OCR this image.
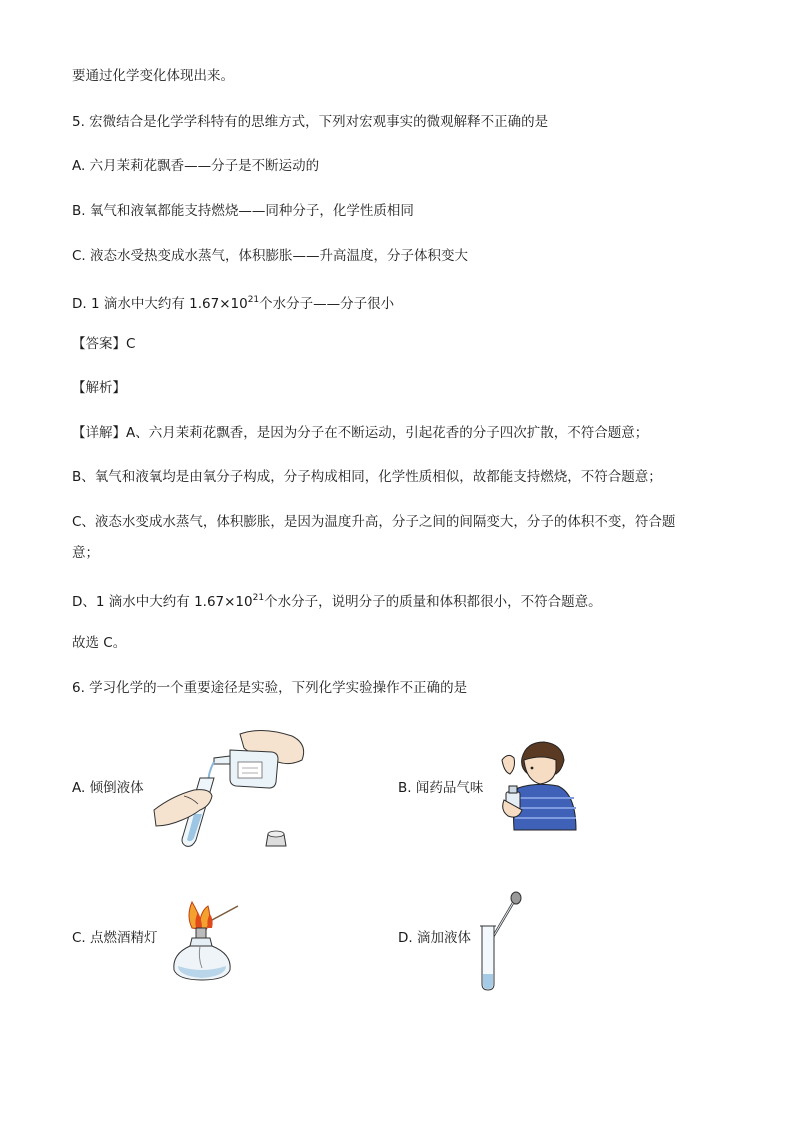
要通过化学变化体现出来。
5. 宏微结合是化学学科特有的思维方式，下列对宏观事实的微观解释不正确的是
A. 六月茉莉花飘香——分子是不断运动的
B. 氧气和液氧都能支持燃烧——同种分子，化学性质相同
C. 液态水受热变成水蒸气，体积膨胀——升高温度，分子体积变大
D. 1 滴水中大约有 $1.67\times 10^{21}$个水分子——分子很小
【答案】C
【解析】
【详解】A、六月茉莉花飘香，是因为分子在不断运动，引起花香的分子四次扩散，不符合题意；
B、氧气和液氧均是由氧分子构成，分子构成相同，化学性质相似，故都能支持燃烧，不符合题意；
C、液态水变成水蒸气，体积膨胀，是因为温度升高，分子之间的间隔变大，分子的体积不变，符合题
意；
D、1 滴水中大约有 $1.67\times 10^{21}$个水分子，说明分子的质量和体积都很小，不符合题意。
故选 C。
6. 学习化学的一个重要途径是实验，下列化学实验操作不正确的是
A. 倾倒液体	B. 闻药品气味
C. 点燃酒精灯	D. 滴加液体
